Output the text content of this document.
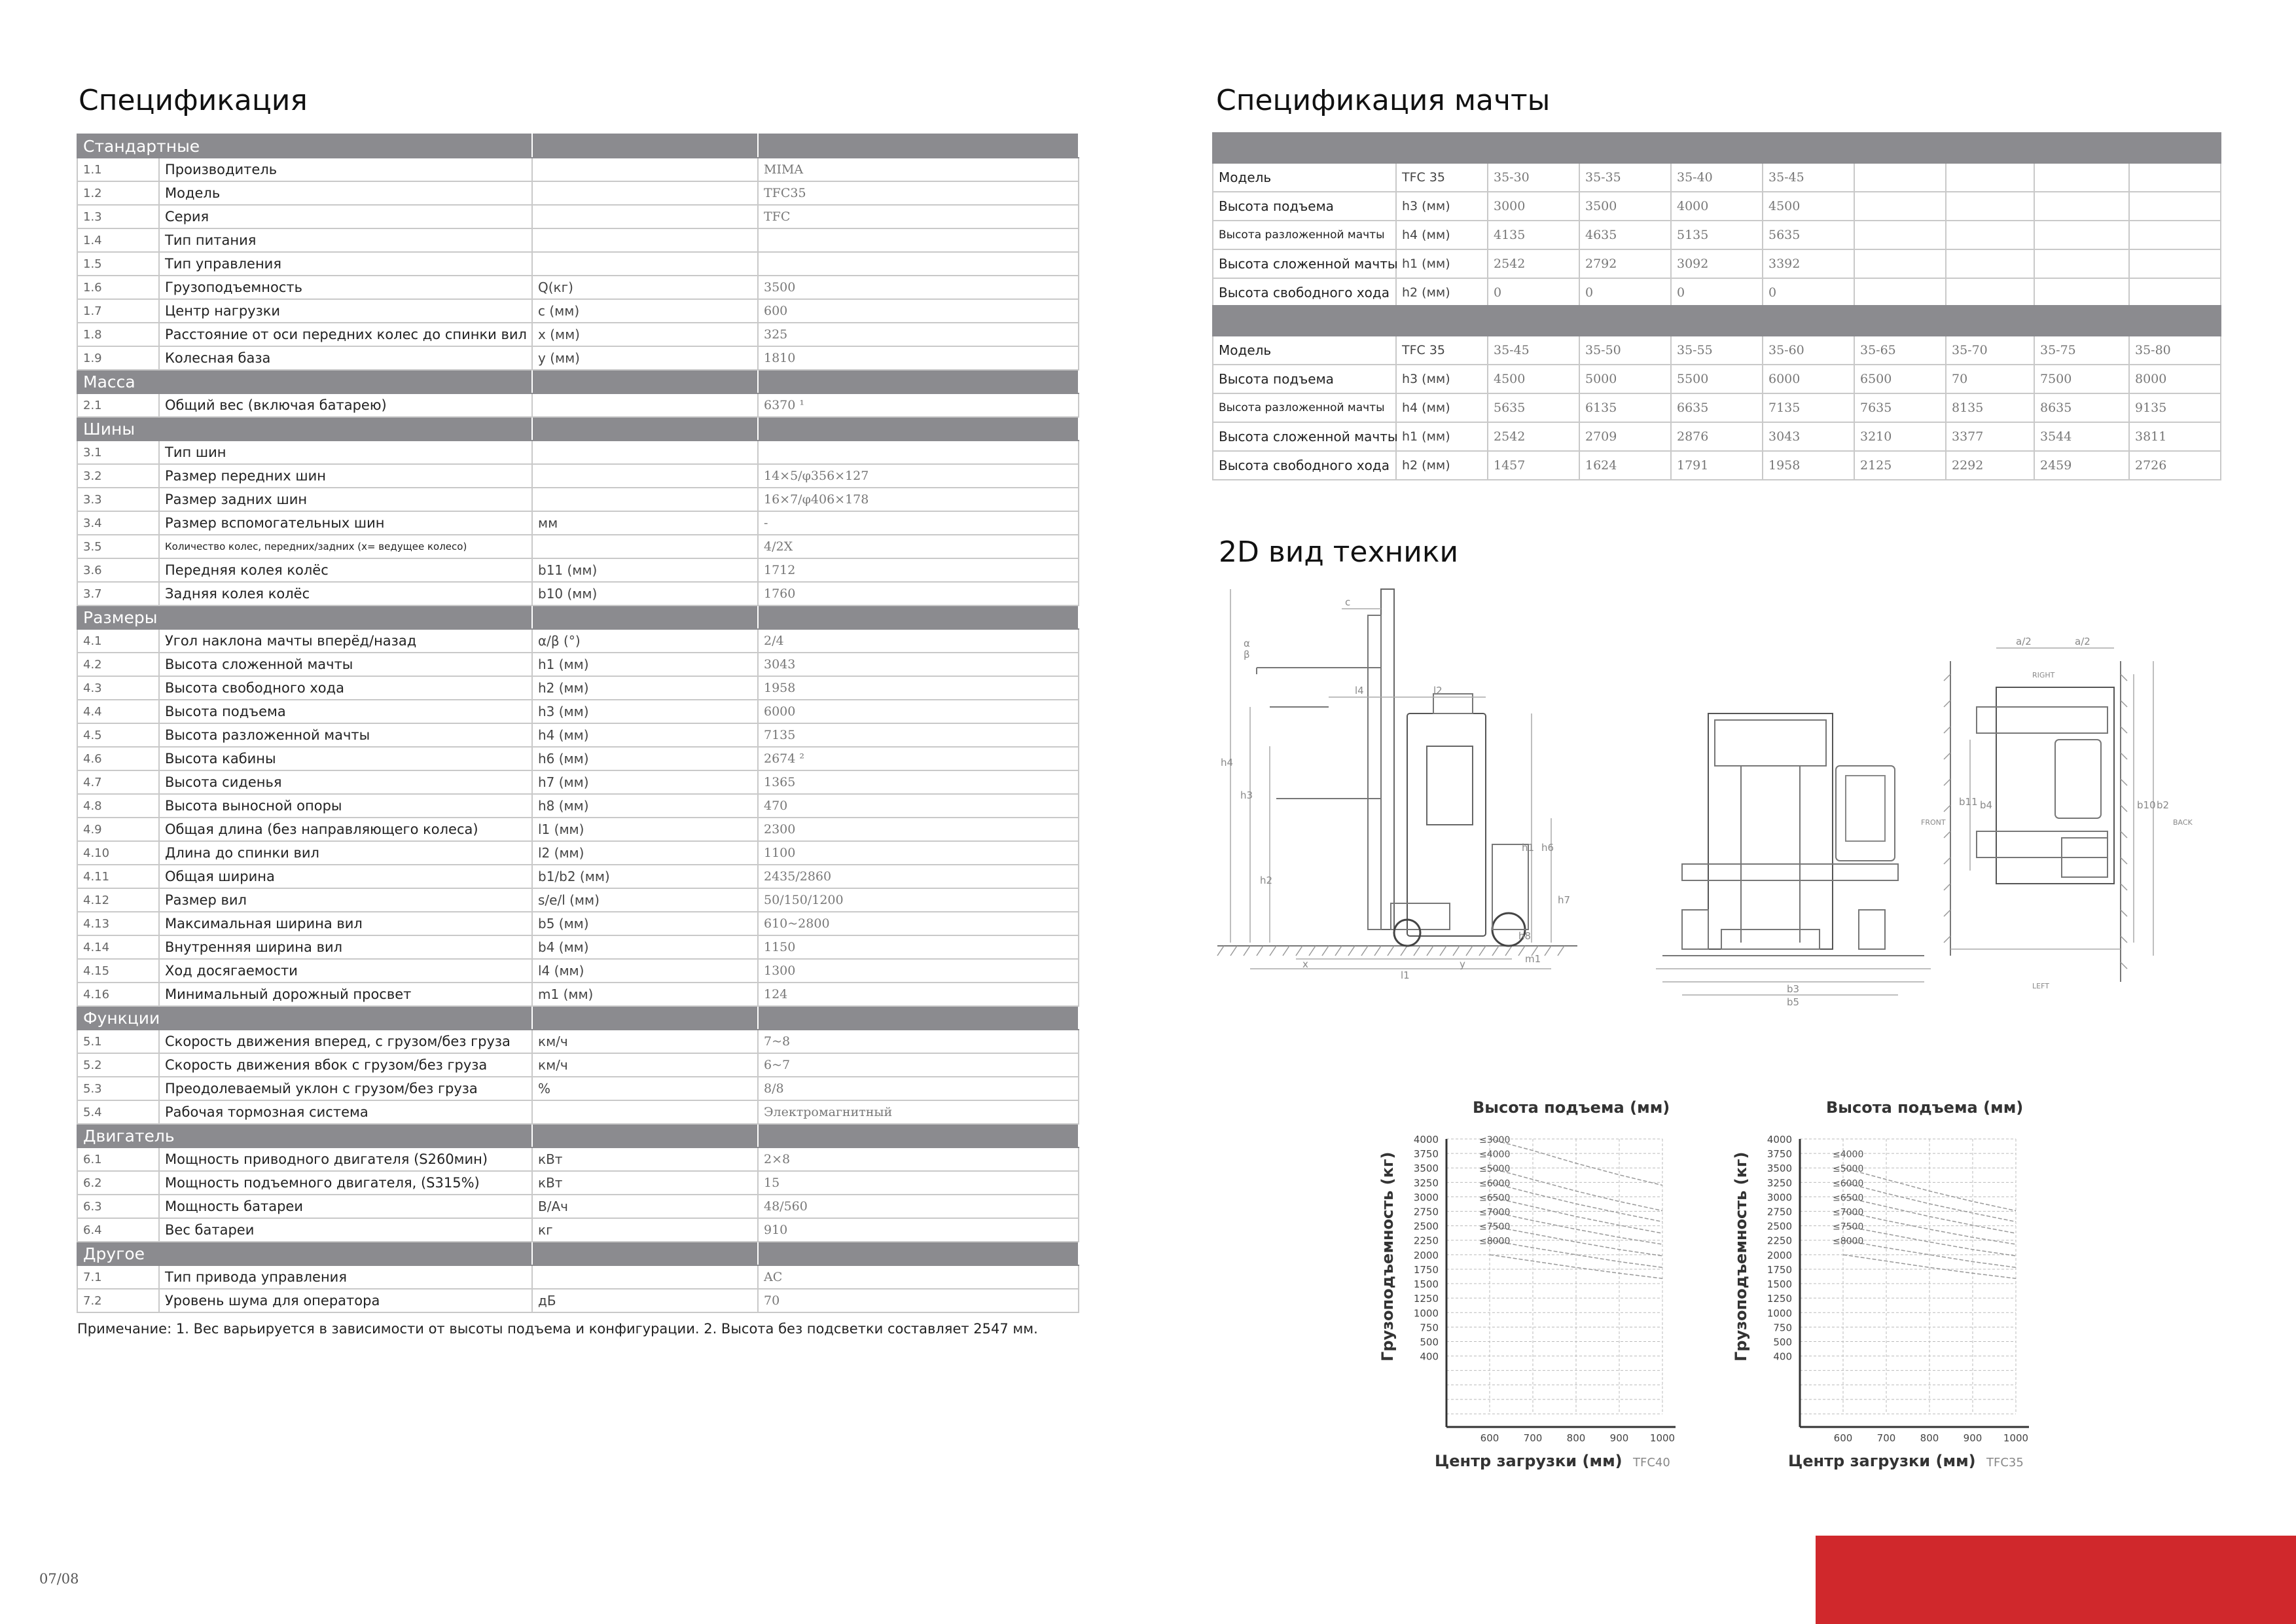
Спецификация
Стандартные			
1.1	Производитель		MIMA
1.2	Модель		TFC35
1.3	Серия		TFC
1.4	Тип питания		
1.5	Тип управления		
1.6	Грузоподъемность	Q(кг)	3500
1.7	Центр нагрузки	c (мм)	600
1.8	Расстояние от оси передних колес до спинки вил	x (мм)	325
1.9	Колесная база	y (мм)	1810
Масса			
2.1	Общий вес (включая батарею)		6370 ¹
Шины			
3.1	Тип шин		
3.2	Размер передних шин		14×5/φ356×127
3.3	Размер задних шин		16×7/φ406×178
3.4	Размер вспомогательных шин	мм	-
3.5	Количество колес, передних/задних (x= ведущее колесо)		4/2X
3.6	Передняя колея колёс	b11 (мм)	1712
3.7	Задняя колея колёс	b10 (мм)	1760
Размеры			
4.1	Угол наклона мачты вперёд/назад	α/β (°)	2/4
4.2	Высота сложенной мачты	h1 (мм)	3043
4.3	Высота свободного хода	h2 (мм)	1958
4.4	Высота подъема	h3 (мм)	6000
4.5	Высота разложенной мачты	h4 (мм)	7135
4.6	Высота кабины	h6 (мм)	2674 ²
4.7	Высота сиденья	h7 (мм)	1365
4.8	Высота выносной опоры	h8 (мм)	470
4.9	Общая длина (без направляющего колеса)	l1 (мм)	2300
4.10	Длина до спинки вил	l2 (мм)	1100
4.11	Общая ширина	b1/b2 (мм)	2435/2860
4.12	Размер вил	s/e/l (мм)	50/150/1200
4.13	Максимальная ширина вил	b5 (мм)	610~2800
4.14	Внутренняя ширина вил	b4 (мм)	1150
4.15	Ход досягаемости	l4 (мм)	1300
4.16	Минимальный дорожный просвет	m1 (мм)	124
Функции			
5.1	Скорость движения вперед, с грузом/без груза	км/ч	7~8
5.2	Скорость движения вбок с грузом/без груза	км/ч	6~7
5.3	Преодолеваемый уклон с грузом/без груза	%	8/8
5.4	Рабочая тормозная система		Электромагнитный
Двигатель			
6.1	Мощность приводного двигателя (S260мин)	кВт	2×8
6.2	Мощность подъемного двигателя, (S315%)	кВт	15
6.3	Мощность батареи	В/Ач	48/560
6.4	Вес батареи	кг	910
Другое			
7.1	Тип привода управления		AC
7.2	Уровень шума для оператора	дБ	70
Примечание: 1. Вес варьируется в зависимости от высоты подъема и конфигурации. 2. Высота без подсветки составляет 2547 мм.
Спецификация мачты

Модель	TFC 35	35-30	35-35	35-40	35-45				
Высота подъема	h3 (мм)	3000	3500	4000	4500				
Высота разложенной мачты	h4 (мм)	4135	4635	5135	5635				
Высота сложенной мачты	h1 (мм)	2542	2792	3092	3392				
Высота свободного хода	h2 (мм)	0	0	0	0				

Модель	TFC 35	35-45	35-50	35-55	35-60	35-65	35-70	35-75	35-80
Высота подъема	h3 (мм)	4500	5000	5500	6000	6500	70	7500	8000
Высота разложенной мачты	h4 (мм)	5635	6135	6635	7135	7635	8135	8635	9135
Высота сложенной мачты	h1 (мм)	2542	2709	2876	3043	3210	3377	3544	3811
Высота свободного хода	h2 (мм)	1457	1624	1791	1958	2125	2292	2459	2726
2D вид техники
c
l4	l2
h4
h3
h2
h1 h6
h7
h8
m1
x	y
l1
b3
b5
b11 b4	b10 b2
a/2	a/2
RIGHT
LEFT
FRONT	BACK
α
β
Высота подъема (мм)
Грузоподъемность (кг)
4000
3750
3500
3250
3000
2750
2500
2250
2000
1750
1500
1250
1000
750
500
400
600 700 800 900 1000
≤3000
≤4000
≤5000
≤6000
≤6500
≤7000
≤7500
≤8000
Центр загрузки (мм) TFC40
Высота подъема (мм)
Грузоподъемность (кг)
4000
3750
3500
3250
3000
2750
2500
2250
2000
1750
1500
1250
1000
750
500
400
600 700 800 900 1000
≤4000
≤5000
≤6000
≤6500
≤7000
≤7500
≤8000
Центр загрузки (мм) TFC35
07/08
